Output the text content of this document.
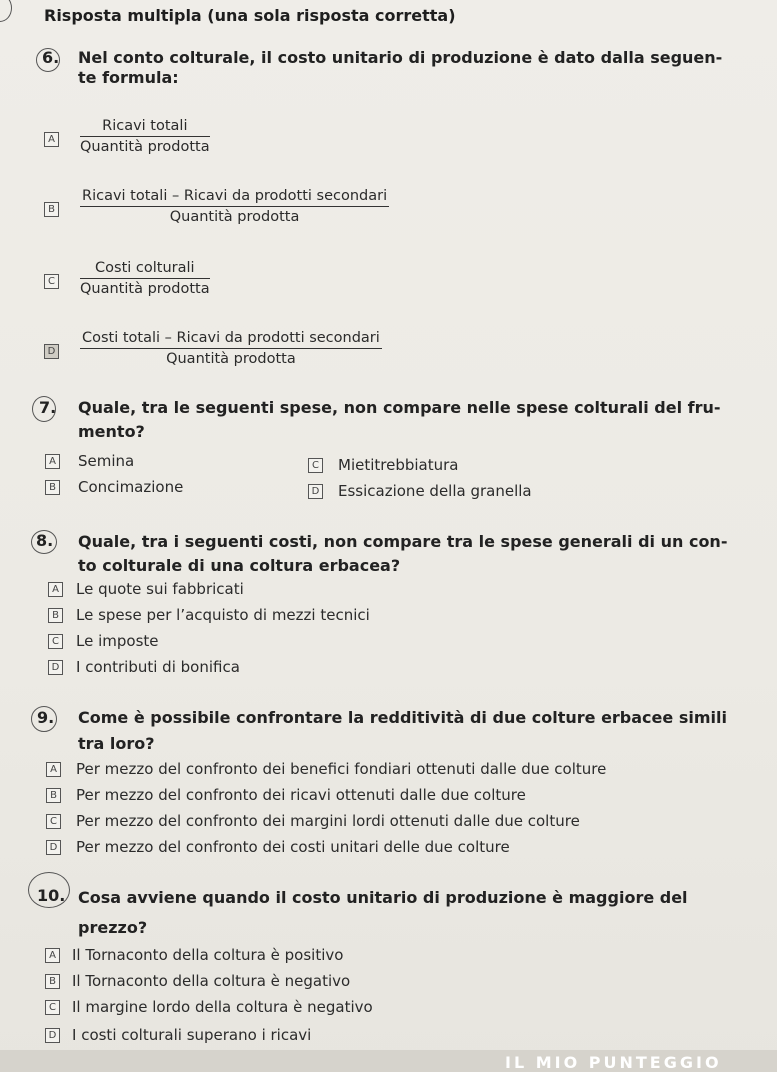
Risposta multipla (una sola risposta corretta)
6. Nel conto colturale, il costo unitario di produzione è dato dalla seguen-
te formula:
A
Ricavi totali
Quantità prodotta
B
Ricavi totali – Ricavi da prodotti secondari
Quantità prodotta
C
Costi colturali
Quantità prodotta
D
Costi totali – Ricavi da prodotti secondari
Quantità prodotta
7. Quale, tra le seguenti spese, non compare nelle spese colturali del fru-
mento?
A Semina	C Mietitrebbiatura
B Concimazione	D Essicazione della granella
8. Quale, tra i seguenti costi, non compare tra le spese generali di un con-
to colturale di una coltura erbacea?
A Le quote sui fabbricati
B Le spese per l’acquisto di mezzi tecnici
C Le imposte
D I contributi di bonifica
9. Come è possibile confrontare la redditività di due colture erbacee simili
tra loro?
A Per mezzo del confronto dei benefici fondiari ottenuti dalle due colture
B Per mezzo del confronto dei ricavi ottenuti dalle due colture
C Per mezzo del confronto dei margini lordi ottenuti dalle due colture
D Per mezzo del confronto dei costi unitari delle due colture
10. Cosa avviene quando il costo unitario di produzione è maggiore del
prezzo?
A Il Tornaconto della coltura è positivo
B Il Tornaconto della coltura è negativo
C Il margine lordo della coltura è negativo
D I costi colturali superano i ricavi
IL MIO PUNTEGGIO
